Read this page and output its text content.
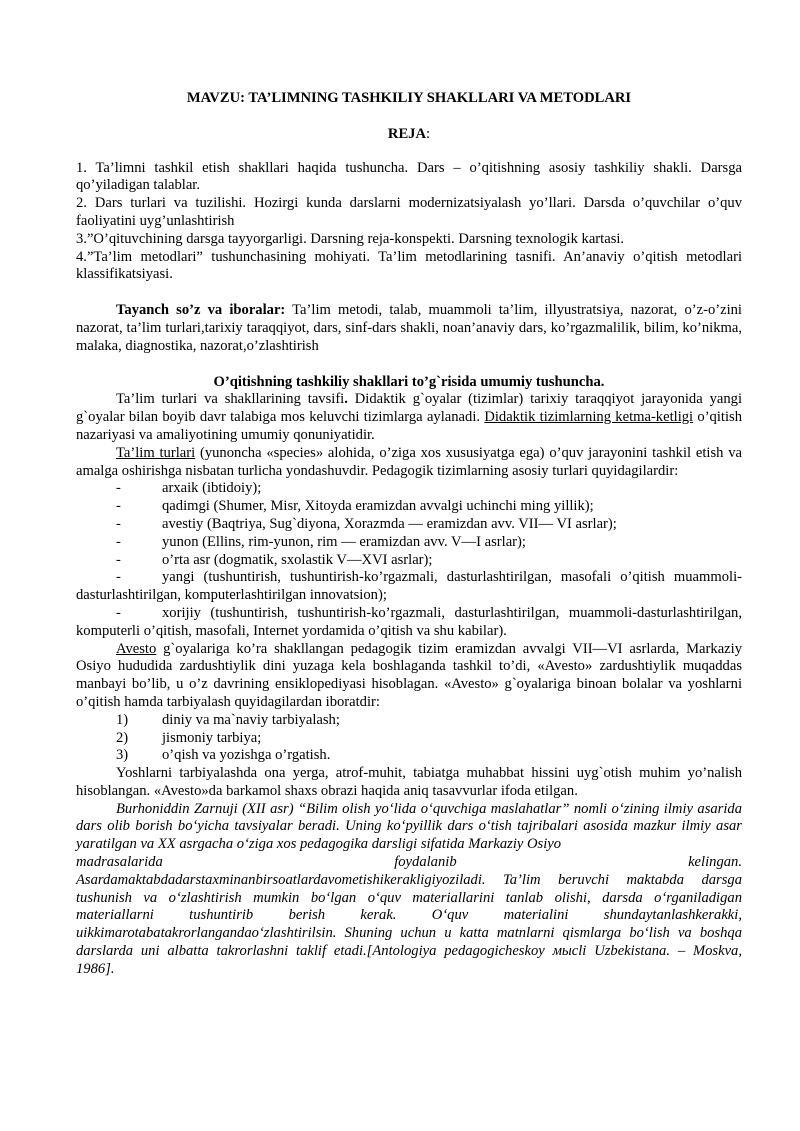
MAVZU: TA’LIMNING TASHKILIY SHAKLLARI VA METODLARI

REJA:

1. Ta’limni tashkil etish shakllari haqida tushuncha. Dars – o’qitishning asosiy tashkiliy shakli. Darsga qo’yiladigan talablar.

2. Dars turlari va tuzilishi. Hozirgi kunda darslarni modernizatsiyalash yo’llari. Darsda o’quvchilar o’quv faoliyatini uyg’unlashtirish

3.”O’qituvchining darsga tayyorgarligi. Darsning reja-konspekti. Darsning texnologik kartasi.

4.”Ta’lim metodlari” tushunchasining mohiyati. Ta’lim metodlarining tasnifi. An’anaviy o’qitish metodlari klassifikatsiyasi.

Tayanch so’z va iboralar: Ta’lim metodi, talab, muammoli ta’lim, illyustratsiya, nazorat, o’z-o’zini nazorat, ta’lim turlari,tarixiy taraqqiyot, dars, sinf-dars shakli, noan’anaviy dars, ko’rgazmalilik, bilim, ko’nikma, malaka, diagnostika, nazorat,o’zlashtirish

O’qitishning tashkiliy shakllari to’g`risida umumiy tushuncha.

Ta’lim turlari va shakllarining tavsifi. Didaktik g`oyalar (tizimlar) tarixiy taraqqiyot jarayonida yangi g`oyalar bilan boyib davr talabiga mos keluvchi tizimlarga aylanadi. Didaktik tizimlarning ketma-ketligi o’qitish nazariyasi va amaliyotining umumiy qonuniyatidir.

Ta’lim turlari (yunoncha «species» alohida, o’ziga xos xususiyatga ega) o’quv jarayonini tashkil etish va amalga oshirishga nisbatan turlicha yondashuvdir. Pedagogik tizimlarning asosiy turlari quyidagilardir:

-	arxaik (ibtidoiy);
-	qadimgi (Shumer, Misr, Xitoyda eramizdan avvalgi uchinchi ming yillik);
-	avestiy (Baqtriya, Sug`diyona, Xorazmda — eramizdan avv. VII— VI asrlar);
-	yunon (Ellins, rim-yunon, rim — eramizdan avv. V—I asrlar);
-	o’rta asr (dogmatik, sxolastik V—XVI asrlar);

-	yangi (tushuntirish, tushuntirish-ko’rgazmali, dasturlashtirilgan, masofali o’qitish muammoli-dasturlashtirilgan, komputerlashtirilgan innovatsion);

-	xorijiy (tushuntirish, tushuntirish-ko’rgazmali, dasturlashtirilgan, muammoli-dasturlashtirilgan, komputerli o’qitish, masofali, Internet yordamida o’qitish va shu kabilar).

Avesto g`oyalariga ko’ra shakllangan pedagogik tizim eramizdan avvalgi VII—VI asrlarda, Markaziy Osiyo hududida zardushtiylik dini yuzaga kela boshlaganda tashkil to’di, «Avesto» zardushtiylik muqaddas manbayi bo’lib, u o’z davrining ensiklopediyasi hisoblagan. «Avesto» g`oyalariga binoan bolalar va yoshlarni o’qitish hamda tarbiyalash quyidagilardan iboratdir:

1)	diniy va ma`naviy tarbiyalash;
2)	jismoniy tarbiya;
3)	o’qish va yozishga o’rgatish.

Yoshlarni tarbiyalashda ona yerga, atrof-muhit, tabiatga muhabbat hissini uyg`otish muhim yo’nalish hisoblangan. «Avesto»da barkamol shaxs obrazi haqida aniq tasavvurlar ifoda etilgan.

Burhoniddin Zarnuji (XII asr) “Bilim olish yo‘lida o‘quvchiga maslahatlar” nomli o‘zining ilmiy asarida dars olib borish bo‘yicha tavsiyalar beradi. Uning ko‘pyillik dars o‘tish tajribalari asosida mazkur ilmiy asar yaratilgan va XX asrgacha o‘ziga xos pedagogika darsligi sifatida Markaziy Osiyo

madrasalarida	foydalanib	kelingan.

Asardamaktabdadarstaxminanbirsoatlardavometishikerakligiyoziladi. Ta’lim beruvchi maktabda darsga tushunish va o‘zlashtirish mumkin bo‘lgan o‘quv materiallarini tanlab olishi, darsda o‘rganiladigan materiallarni tushuntirib berish kerak. O‘quv materialini shundaytanlashkerakki, uikkimarotabatakrorlangandao‘zlashtirilsin. Shuning uchun u katta matnlarni qismlarga bo‘lish va boshqa darslarda uni albatta takrorlashni taklif etadi.[Antologiya pedagogicheskoy мысli Uzbekistana. – Moskva, 1986].
